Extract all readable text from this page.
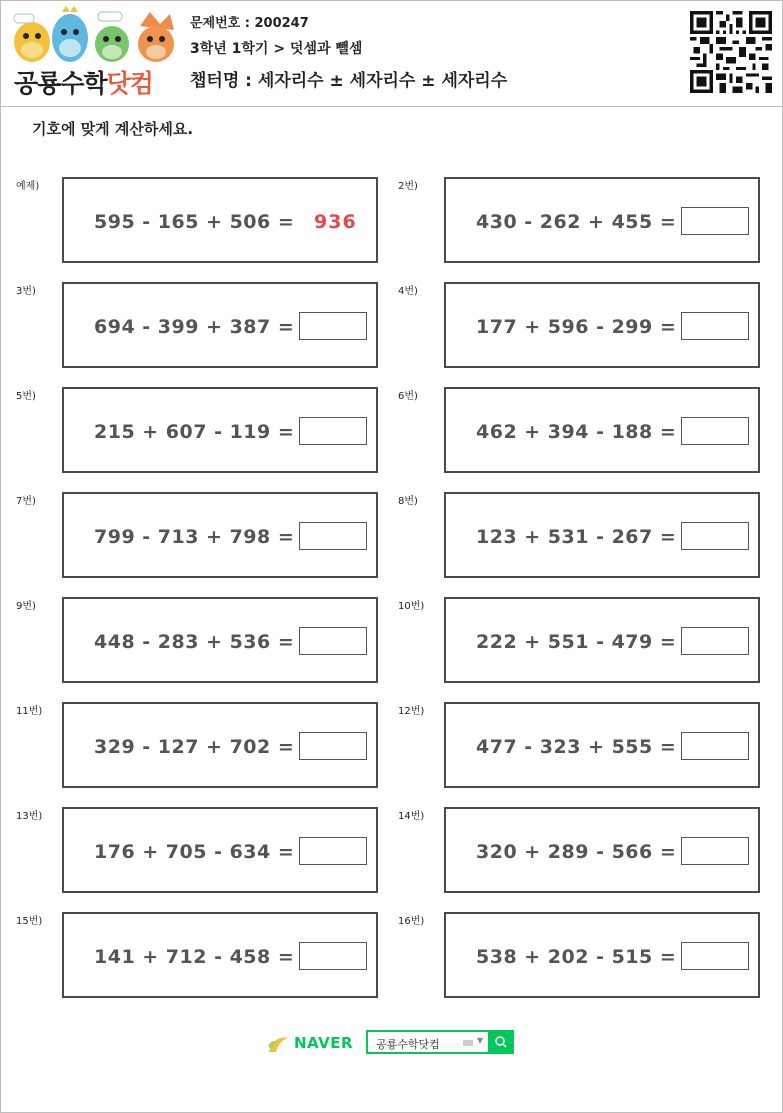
공룡수학닷컴
문제번호 : 200247
3학년 1학기 > 덧셈과 뺄셈
챕터명 : 세자리수 ± 세자리수 ± 세자리수
기호에 맞게 계산하세요.
예제)
595 - 165 + 506 = 936
2번)
430 - 262 + 455 =
3번)
694 - 399 + 387 =
4번)
177 + 596 - 299 =
5번)
215 + 607 - 119 =
6번)
462 + 394 - 188 =
7번)
799 - 713 + 798 =
8번)
123 + 531 - 267 =
9번)
448 - 283 + 536 =
10번)
222 + 551 - 479 =
11번)
329 - 127 + 702 =
12번)
477 - 323 + 555 =
13번)
176 + 705 - 634 =
14번)
320 + 289 - 566 =
15번)
141 + 712 - 458 =
16번)
538 + 202 - 515 =
NAVER 공룡수학닷컴	▼
